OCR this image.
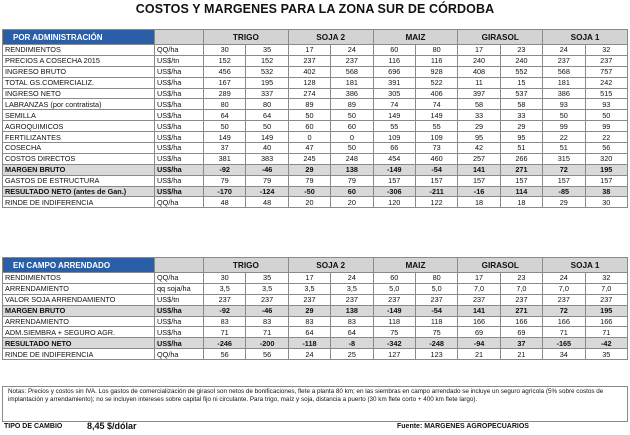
COSTOS Y MARGENES PARA LA ZONA SUR DE CÓRDOBA
POR ADMINISTRACIÓN		TRIGO		SOJA 2		MAIZ		GIRASOL		SOJA 1	
RENDIMIENTOS	QQ/ha	30	35	17	24	60	80	17	23	24	32
PRECIOS A COSECHA 2015	US$/tn	152	152	237	237	116	116	240	240	237	237
INGRESO BRUTO	US$/ha	456	532	402	568	696	928	408	552	568	757
TOTAL GS.COMERCIALIZ.	US$/ha	167	195	128	181	391	522	11	15	181	242
INGRESO NETO	US$/ha	289	337	274	386	305	406	397	537	386	515
LABRANZAS (por contratista)	US$/ha	80	80	89	89	74	74	58	58	93	93
SEMILLA	US$/ha	64	64	50	50	149	149	33	33	50	50
AGROQUIMICOS	US$/ha	50	50	60	60	55	55	29	29	99	99
FERTILIZANTES	US$/ha	149	149	0	0	109	109	95	95	22	22
COSECHA	US$/ha	37	40	47	50	66	73	42	51	51	56
COSTOS DIRECTOS	US$/ha	381	383	245	248	454	460	257	266	315	320
MARGEN BRUTO	US$/ha	-92	-46	29	138	-149	-54	141	271	72	195
GASTOS DE ESTRUCTURA	US$/ha	79	79	79	79	157	157	157	157	157	157
RESULTADO NETO (antes de Gan.)	US$/ha	-170	-124	-50	60	-306	-211	-16	114	-85	38
RINDE DE INDIFERENCIA	QQ/ha	48	48	20	20	120	122	18	18	29	30
EN CAMPO ARRENDADO		TRIGO		SOJA 2		MAIZ		GIRASOL		SOJA 1	
RENDIMIENTOS	QQ/ha	30	35	17	24	60	80	17	23	24	32
ARRENDAMIENTO	qq soja/ha	3,5	3,5	3,5	3,5	5,0	5,0	7,0	7,0	7,0	7,0
VALOR SOJA ARRENDAMIENTO	US$/tn	237	237	237	237	237	237	237	237	237	237
MARGEN BRUTO	US$/ha	-92	-46	29	138	-149	-54	141	271	72	195
ARRENDAMIENTO	US$/ha	83	83	83	83	118	118	166	166	166	166
ADM.SIEMBRA + SEGURO AGR.	US$/ha	71	71	64	64	75	75	69	69	71	71
RESULTADO NETO	US$/ha	-246	-200	-118	-8	-342	-248	-94	37	-165	-42
RINDE DE INDIFERENCIA	QQ/ha	56	56	24	25	127	123	21	21	34	35
Notas: Precios y costos sin IVA. Los gastos de comercialización de girasol son netos de bonificaciones, flete a planta 80 km; en las siembras en campo arrendado se incluye un seguro agrícola (5% sobre costos de implantación y arrendamiento); no se incluyen intereses sobre capital fijo ni circulante. Para trigo, maíz y soja, distancia a puerto (30 km flete corto + 400 km flete largo).
TIPO DE CAMBIO	8,45 $/dólar	Fuente: MARGENES AGROPECUARIOS
